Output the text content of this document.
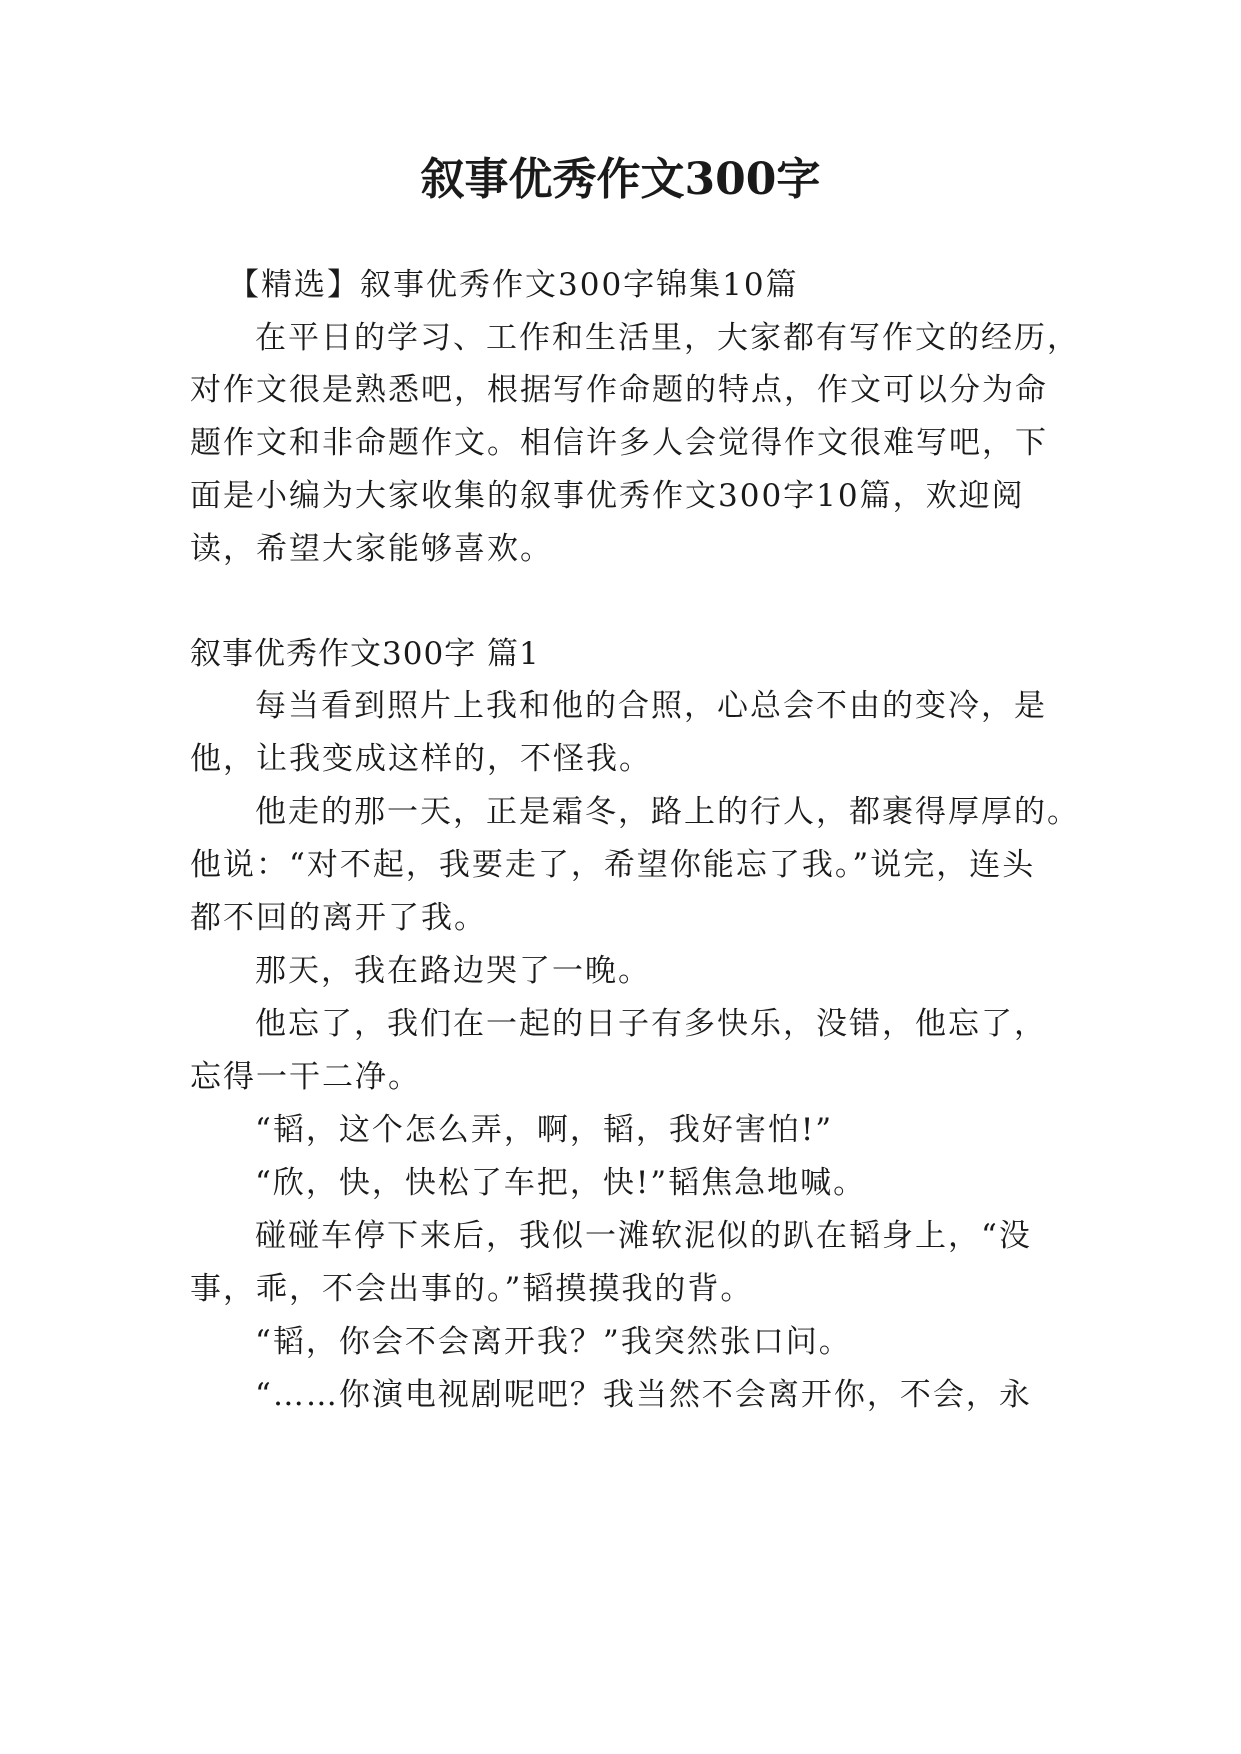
叙事优秀作文300字

【精选】叙事优秀作文300字锦集10篇

在平日的学习、工作和生活里，大家都有写作文的经历，

对作文很是熟悉吧，根据写作命题的特点，作文可以分为命

题作文和非命题作文。相信许多人会觉得作文很难写吧，下

面是小编为大家收集的叙事优秀作文300字10篇，欢迎阅

读，希望大家能够喜欢。

叙事优秀作文300字 篇1

每当看到照片上我和他的合照，心总会不由的变冷，是

他，让我变成这样的，不怪我。

他走的那一天，正是霜冬，路上的行人，都裹得厚厚的。

他说：“对不起，我要走了，希望你能忘了我。”说完，连头

都不回的离开了我。

那天，我在路边哭了一晚。

他忘了，我们在一起的日子有多快乐，没错，他忘了，

忘得一干二净。

“韬，这个怎么弄，啊，韬，我好害怕!”

“欣，快，快松了车把，快!”韬焦急地喊。

碰碰车停下来后，我似一滩软泥似的趴在韬身上，“没

事，乖，不会出事的。”韬摸摸我的背。

“韬，你会不会离开我？”我突然张口问。

“……你演电视剧呢吧？我当然不会离开你，不会，永
